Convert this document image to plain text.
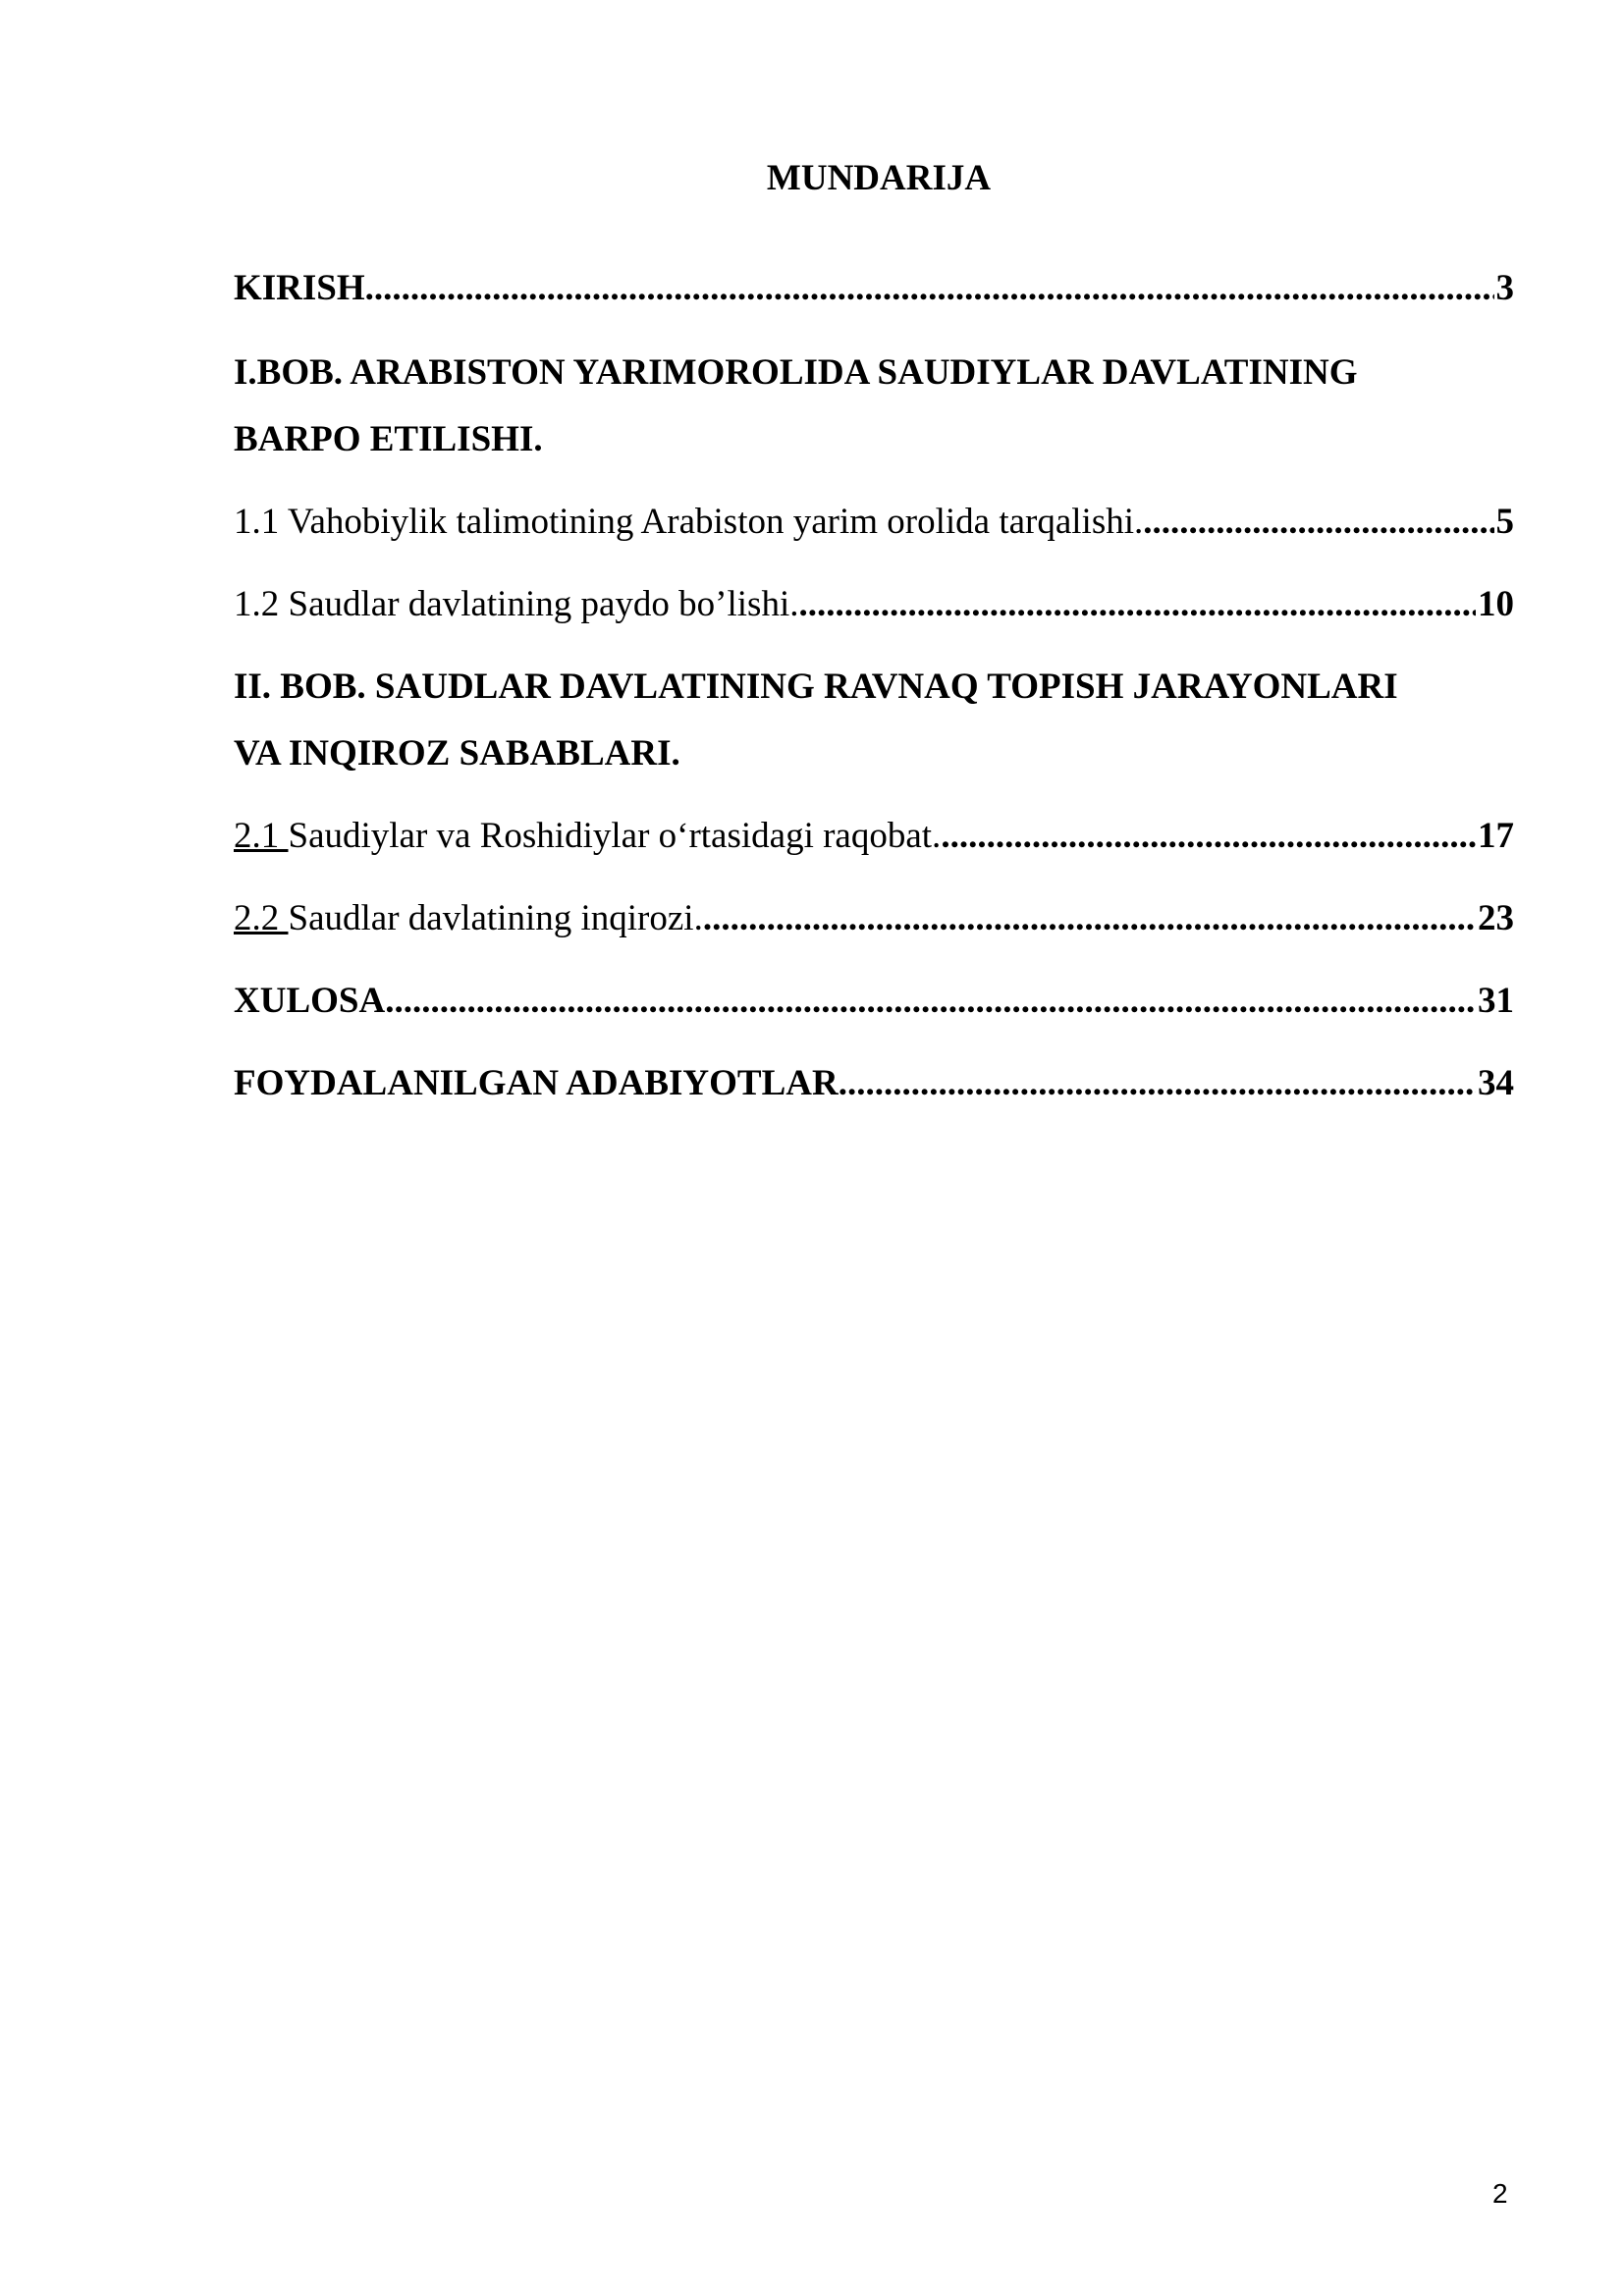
MUNDARIJA
KIRISH .....	3
I.BOB. ARABISTON YARIMOROLIDA SAUDIYLAR DAVLATINING
BARPO ETILISHI.
1.1 Vahobiylik talimotining Arabiston yarim orolida tarqalishi. .....	5
1.2 Saudlar davlatining paydo bo’lishi. .....	10
II. BOB. SAUDLAR DAVLATINING RAVNAQ TOPISH JARAYONLARI
VA INQIROZ SABABLARI.
2.1 Saudiylar va Roshidiylar o‘rtasidagi raqobat. .....	17
2.2 Saudlar davlatining inqirozi. .....	23
XULOSA .....	31
FOYDALANILGAN ADABIYOTLAR .....	34
2
